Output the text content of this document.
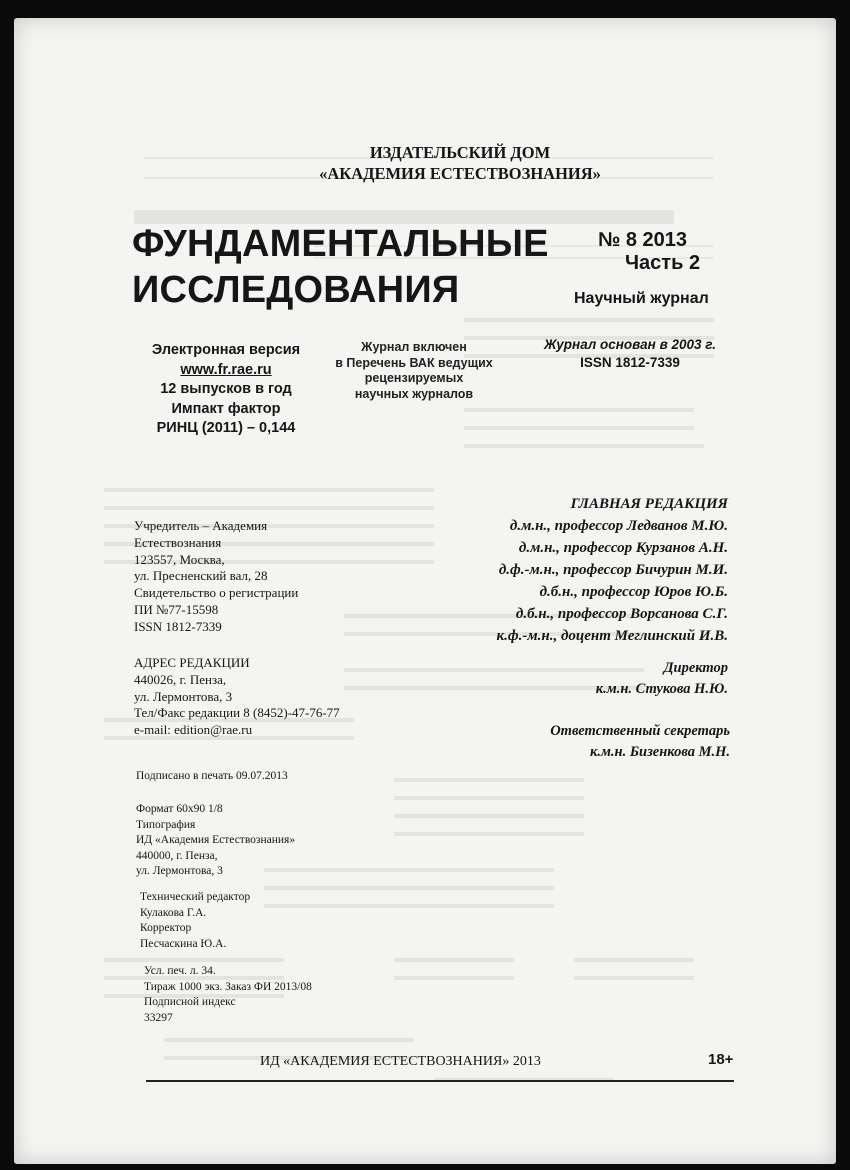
ИЗДАТЕЛЬСКИЙ ДОМ
«АКАДЕМИЯ ЕСТЕСТВОЗНАНИЯ»
ФУНДАМЕНТАЛЬНЫЕ
ИССЛЕДОВАНИЯ
№ 8 2013
Часть 2
Научный журнал
Электронная версия
www.fr.rae.ru
12 выпусков в год
Импакт фактор
РИНЦ (2011) – 0,144
Журнал включен
в Перечень ВАК ведущих
рецензируемых
научных журналов
Журнал основан в 2003 г.
ISSN 1812-7339
Учредитель – Академия
Естествознания
123557, Москва,
ул. Пресненский вал, 28
Свидетельство о регистрации
ПИ №77-15598
ISSN 1812-7339
АДРЕС РЕДАКЦИИ
440026, г. Пенза,
ул. Лермонтова, 3
Тел/Факс редакции 8 (8452)-47-76-77
e-mail: edition@rae.ru
Подписано в печать 09.07.2013
Формат 60х90 1/8
Типография
ИД «Академия Естествознания»
440000, г. Пенза,
ул. Лермонтова, 3
Технический редактор
Кулакова Г.А.
Корректор
Песчаскина Ю.А.
Усл. печ. л. 34.
Тираж 1000 экз. Заказ ФИ 2013/08
Подписной индекс
33297
ГЛАВНАЯ РЕДАКЦИЯ
д.м.н., профессор Ледванов М.Ю.
д.м.н., профессор Курзанов А.Н.
д.ф.-м.н., профессор Бичурин М.И.
д.б.н., профессор Юров Ю.Б.
д.б.н., профессор Ворсанова С.Г.
к.ф.-м.н., доцент Меглинский И.В.
Директор
к.м.н. Стукова Н.Ю.
Ответственный секретарь
к.м.н. Бизенкова М.Н.
ИД «АКАДЕМИЯ ЕСТЕСТВОЗНАНИЯ» 2013	18+
